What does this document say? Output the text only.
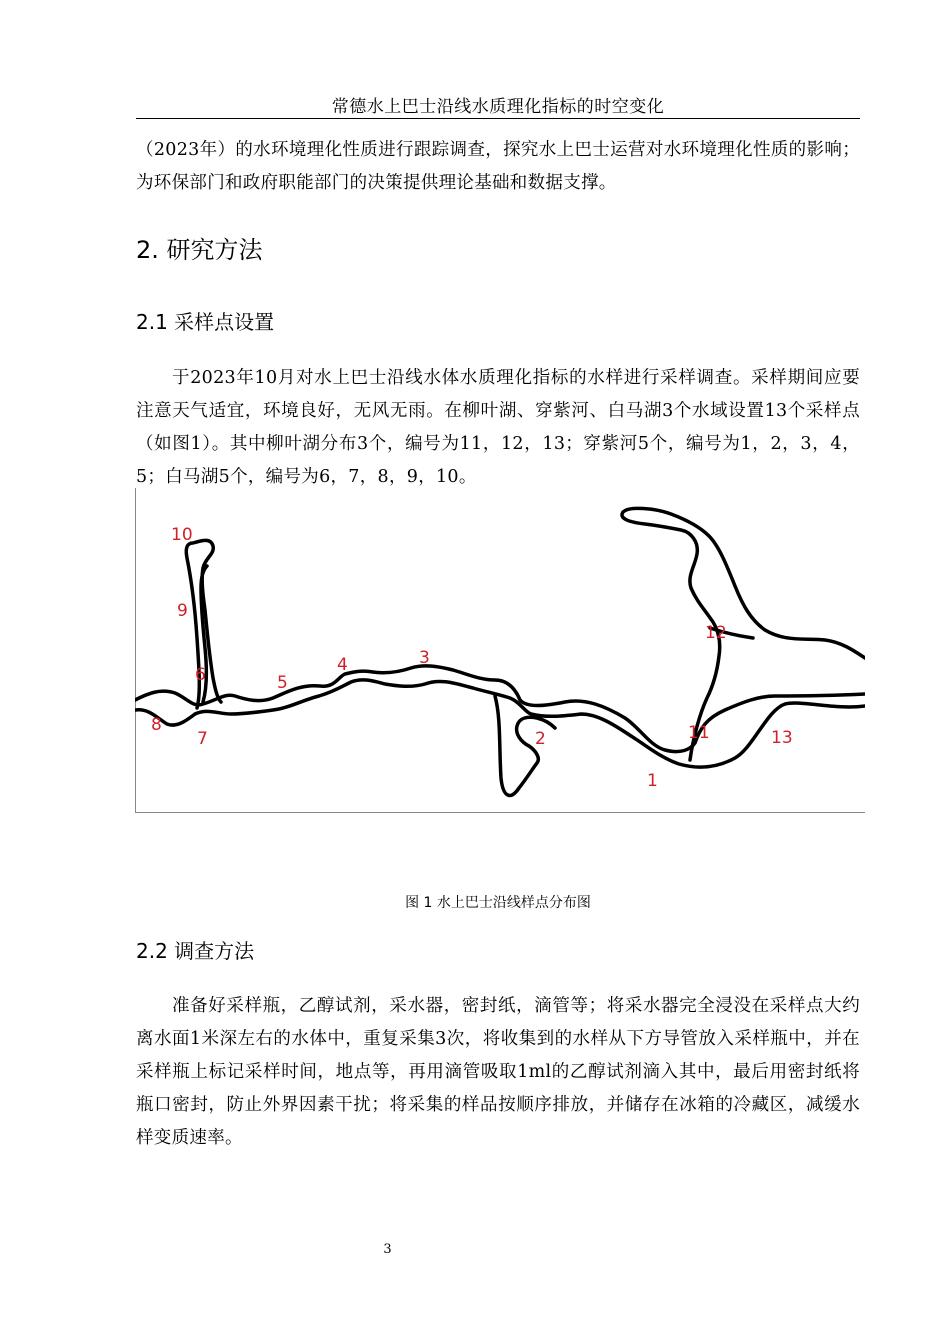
常德水上巴士沿线水质理化指标的时空变化

（2023年）的水环境理化性质进行跟踪调查，探究水上巴士运营对水环境理化性质的影响；为环保部门和政府职能部门的决策提供理论基础和数据支撑。

2. 研究方法
2.1 采样点设置

于2023年10月对水上巴士沿线水体水质理化指标的水样进行采样调查。采样期间应要注意天气适宜，环境良好，无风无雨。在柳叶湖、穿紫河、白马湖3个水域设置13个采样点（如图1）。其中柳叶湖分布3个，编号为11，12，13；穿紫河5个，编号为1，2，3，4，5；白马湖5个，编号为6，7，8，9，10。

1
2
3
4
5
6
7
8
9
10
11
12
13
图 1 水上巴士沿线样点分布图
2.2 调查方法

准备好采样瓶，乙醇试剂，采水器，密封纸，滴管等；将采水器完全浸没在采样点大约离水面1米深左右的水体中，重复采集3次，将收集到的水样从下方导管放入采样瓶中，并在采样瓶上标记采样时间，地点等，再用滴管吸取1ml的乙醇试剂滴入其中，最后用密封纸将瓶口密封，防止外界因素干扰；将采集的样品按顺序排放，并储存在冰箱的冷藏区，减缓水样变质速率。

3
